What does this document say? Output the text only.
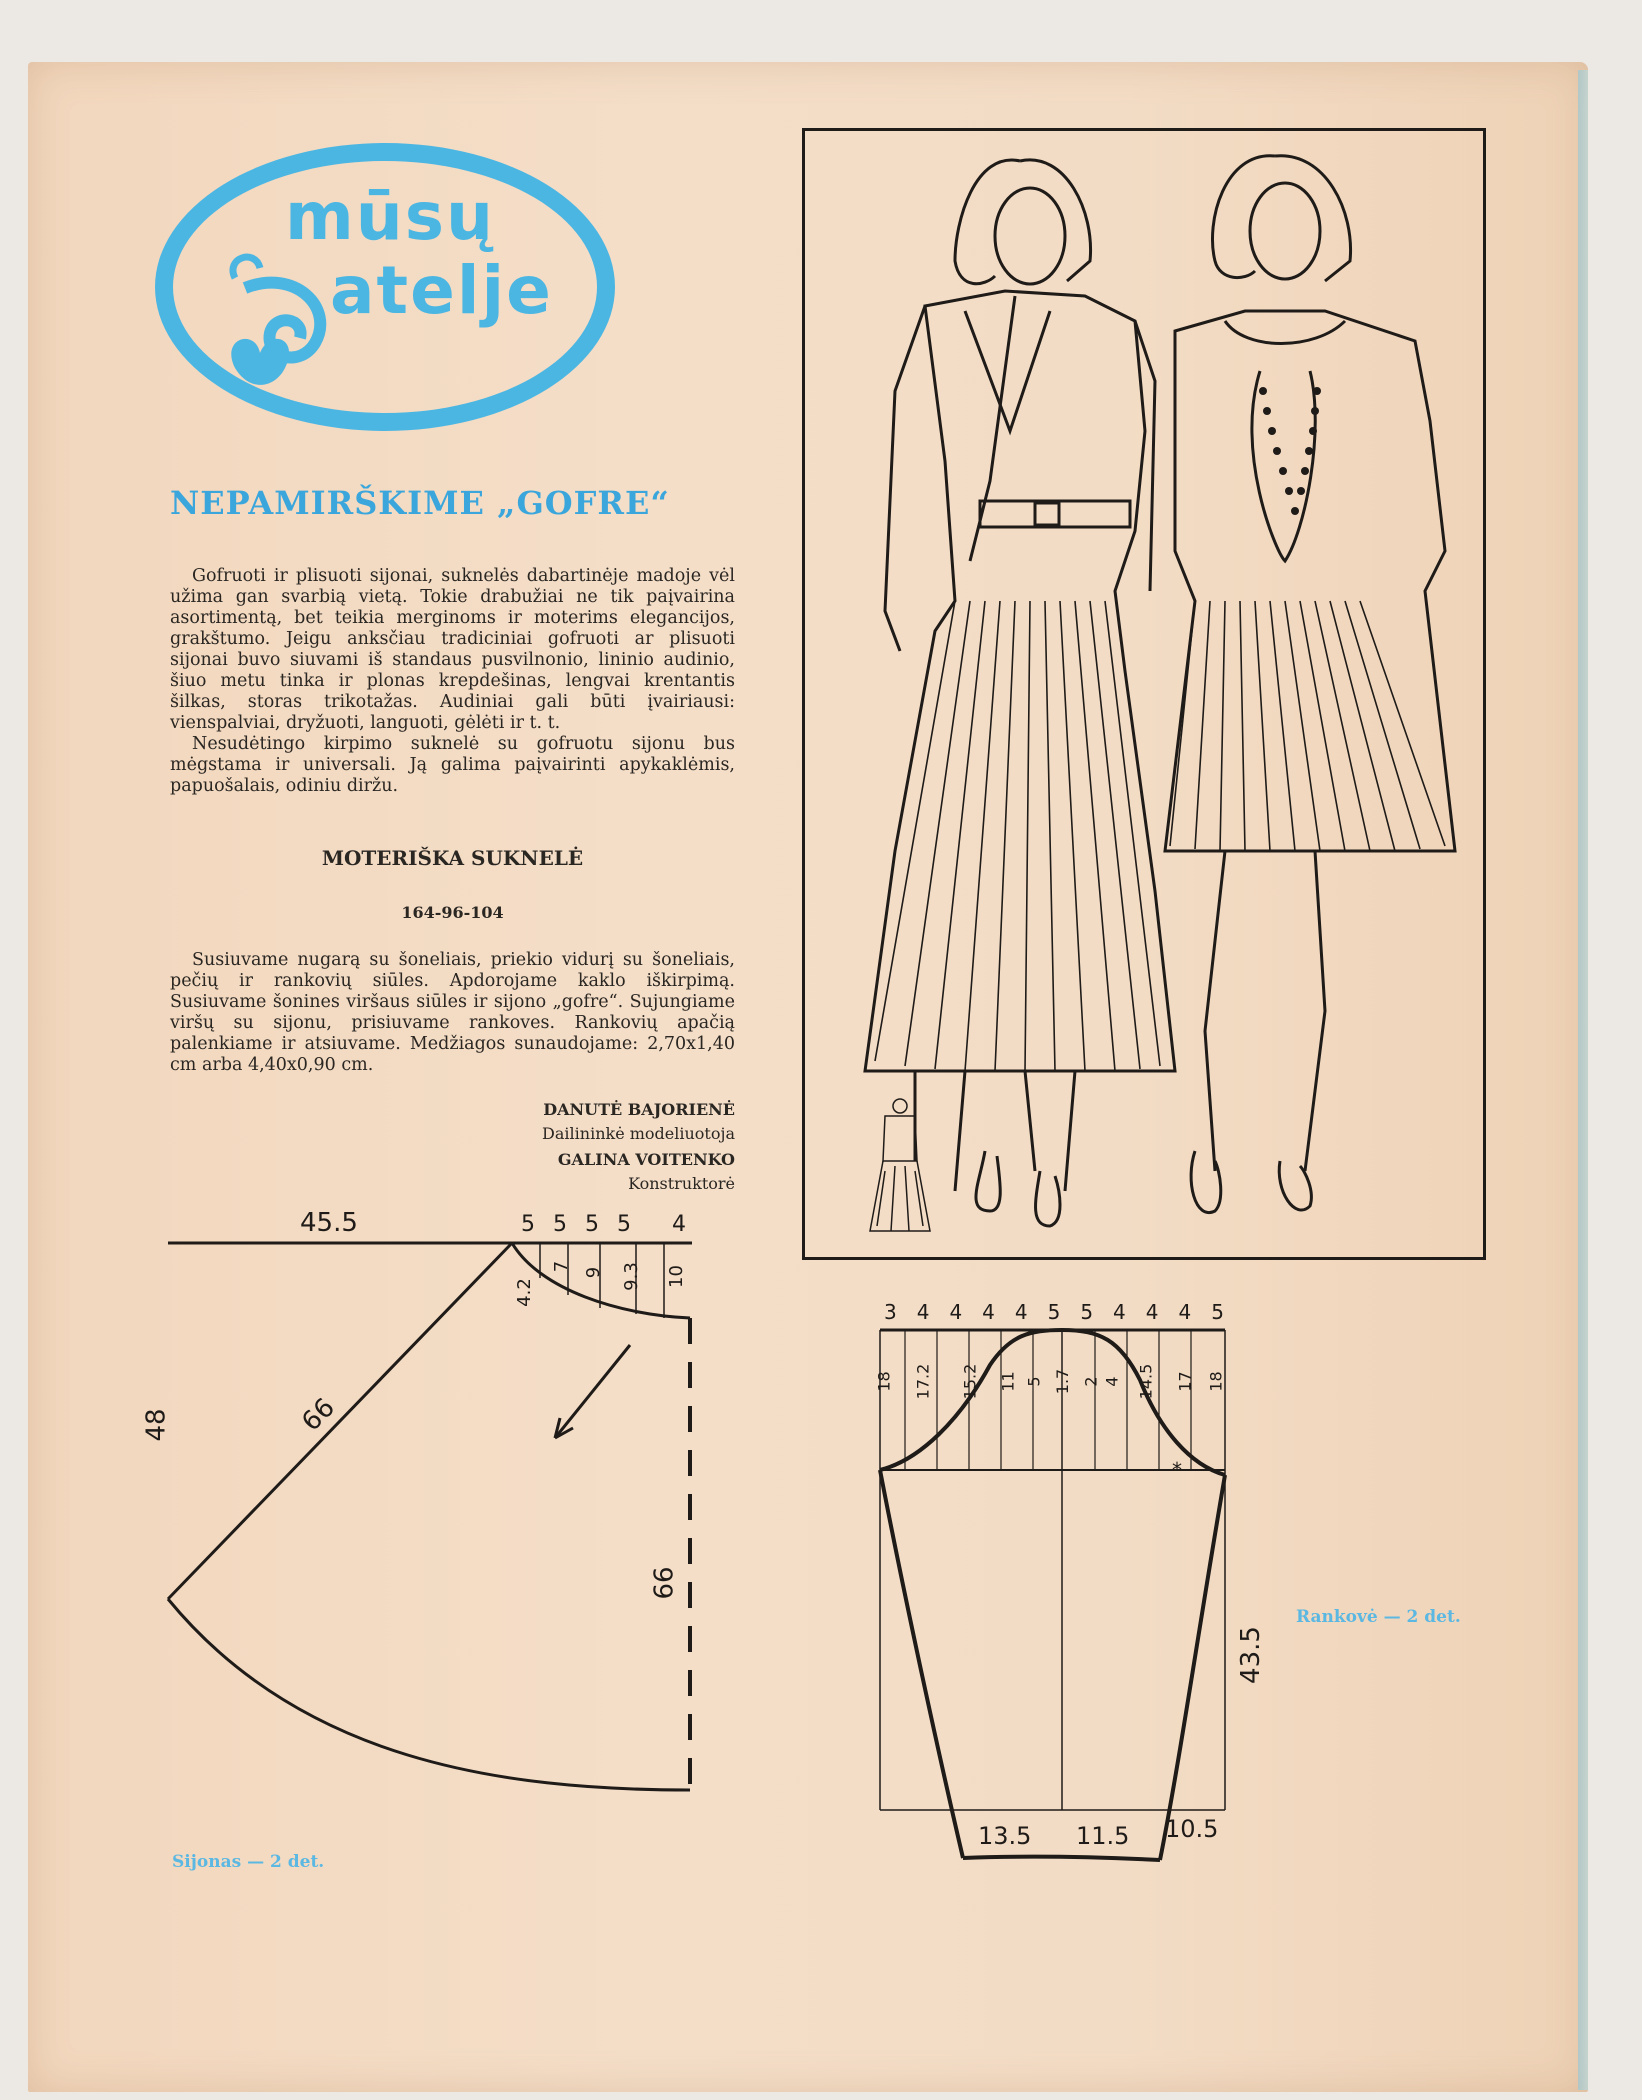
mūsų
atelje
NEPAMIRŠKIME „GOFRE“

Gofruoti ir plisuoti sijonai, suknelės dabartinėje madoje vėl užima gan svarbią vietą. Tokie drabužiai ne tik paįvairina asortimentą, bet teikia merginoms ir moterims elegancijos, grakštumo. Jeigu anksčiau tradiciniai gofruoti ar plisuoti sijonai buvo siuvami iš standaus pusvilnonio, lininio audinio, šiuo metu tinka ir plonas krepdešinas, lengvai krentantis šilkas, storas trikotažas. Audiniai gali būti įvairiausi: vienspalviai, dryžuoti, languoti, gėlėti ir t. t.

Nesudėtingo kirpimo suknelė su gofruotu sijonu bus mėgstama ir universali. Ją galima paįvairinti apykaklėmis, papuošalais, odiniu diržu.

MOTERIŠKA SUKNELĖ
164-96-104

Susiuvame nugarą su šoneliais, priekio vidurį su šoneliais, pečių ir rankovių siūles. Apdorojame kaklo iškirpimą. Susiuvame šonines viršaus siūles ir sijono „gofre“. Sujungiame viršų su sijonu, prisiuvame rankoves. Rankovių apačią palenkiame ir atsiuvame. Medžiagos sunaudojame: 2,70x1,40 cm arba 4,40x0,90 cm.

DANUTĖ BAJORIENĖ
Dailininkė modeliuotoja
GALINA VOITENKO
Konstruktorė
*
45.5	5 5 5 5 4
4.2
7
9 9.3 10
48	66
66
Sijonas — 2 det.
3 4 4 4 4 5 5 4 4 4 5
18 17.2 15.2 11 5 1.7 2 4 14.5 17 18
43.5
13.5 11.5 10.5
Rankovė — 2 det.
